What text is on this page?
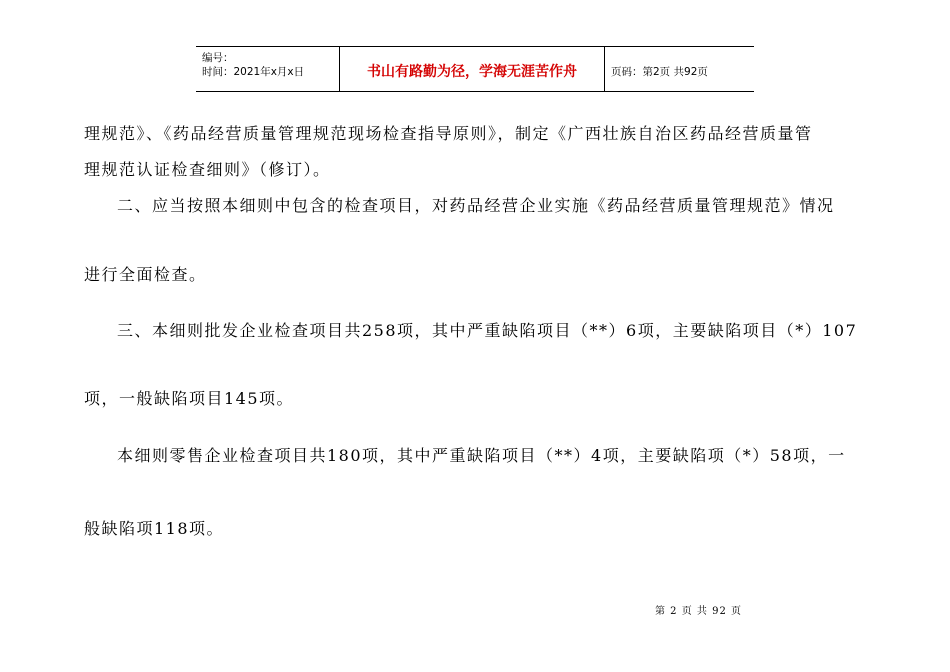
编号：
时间：2021年x月x日	书山有路勤为径，学海无涯苦作舟	页码：第2页 共92页
理规范》、《药品经营质量管理规范现场检查指导原则》，制定《广西壮族自治区药品经营质量管
理规范认证检查细则》（修订）。
二、应当按照本细则中包含的检查项目，对药品经营企业实施《药品经营质量管理规范》情况
进行全面检查。
三、本细则批发企业检查项目共258项，其中严重缺陷项目（**）6项，主要缺陷项目（*）107
项，一般缺陷项目145项。
本细则零售企业检查项目共180项，其中严重缺陷项目（**）4项，主要缺陷项（*）58项，一
般缺陷项118项。
第 2 页 共 92 页
